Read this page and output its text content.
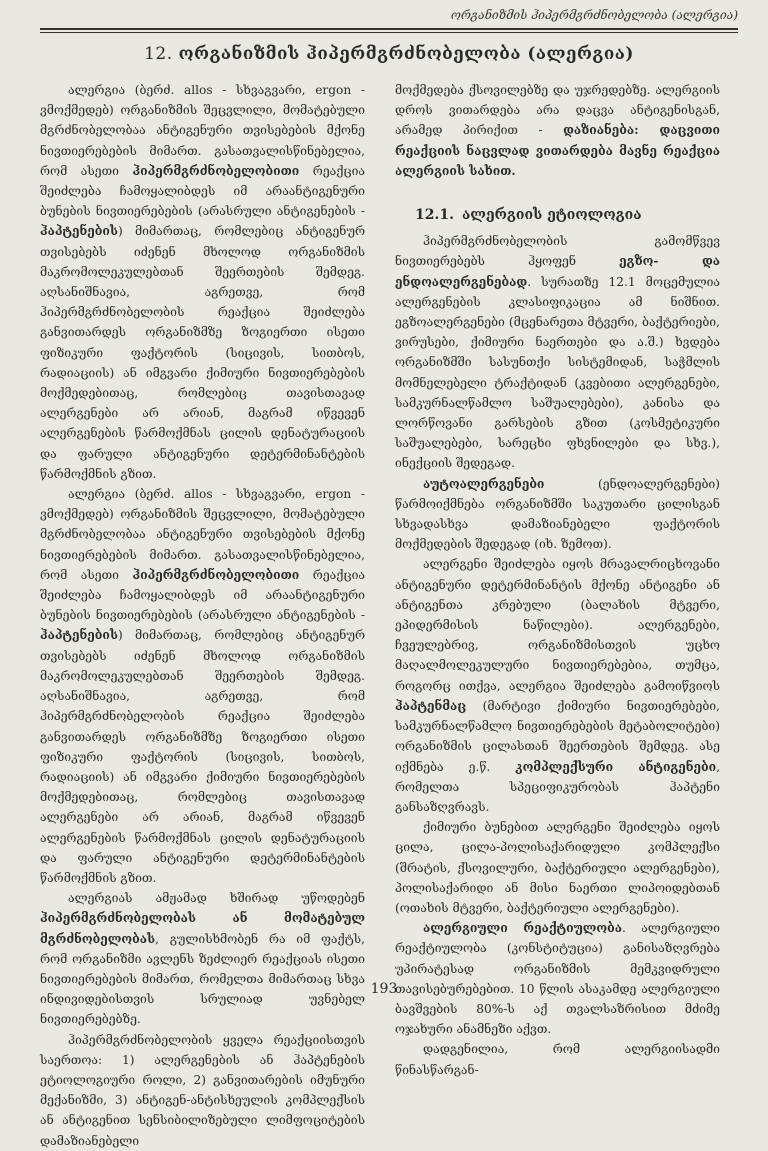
ორგანიზმის ჰიპერმგრძნობელობა (ალერგია)
12. ორგანიზმის ჰიპერმგრძნობელობა (ალერგია)

ალერგია (ბერძ. allos - სხვაგვარი, ergon - ვმოქმედებ) ორგანიზმის შეცვლილი, მომატებული მგრძნობელობაა ანტიგენური თვისებების მქონე ნივთიერებების მიმართ. გასათვალისწინებელია, რომ ასეთი ჰიპერმგრძნობელობითი რეაქცია შეიძლება ჩამოყალიბდეს იმ არაანტიგენური ბუნების ნივთიერებების (არასრული ანტიგენების - ჰაპტენების) მიმართაც, რომლებიც ანტიგენურ თვისებებს იძენენ მხოლოდ ორგანიზმის მაკრომოლეკულებთან შეერთების შემდეგ. აღსანიშნავია, აგრეთვე, რომ ჰიპერმგრძნობელობის რეაქცია შეიძლება განვითარდეს ორგანიზმზე ზოგიერთი ისეთი ფიზიკური ფაქტორის (სიცივის, სითბოს, რადიაციის) ან იმგვარი ქიმიური ნივთიერებების მოქმედებითაც, რომლებიც თავისთავად ალერგენები არ არიან, მაგრამ იწვევენ ალერგენების წარმოქმნას ცილის დენატურაციის და ფარული ანტიგენური დეტერმინანტების წარმოქმნის გზით.

ალერგია (ბერძ. allos - სხვაგვარი, ergon - ვმოქმედებ) ორგანიზმის შეცვლილი, მომატებული მგრძნობელობაა ანტიგენური თვისებების მქონე ნივთიერებების მიმართ. გასათვალისწინებელია, რომ ასეთი ჰიპერმგრძნობელობითი რეაქცია შეიძლება ჩამოყალიბდეს იმ არაანტიგენური ბუნების ნივთიერებების (არასრული ანტიგენების - ჰაპტენების) მიმართაც, რომლებიც ანტიგენურ თვისებებს იძენენ მხოლოდ ორგანიზმის მაკრომოლეკულებთან შეერთების შემდეგ. აღსანიშნავია, აგრეთვე, რომ ჰიპერმგრძნობელობის რეაქცია შეიძლება განვითარდეს ორგანიზმზე ზოგიერთი ისეთი ფიზიკური ფაქტორის (სიცივის, სითბოს, რადიაციის) ან იმგვარი ქიმიური ნივთიერებების მოქმედებითაც, რომლებიც თავისთავად ალერგენები არ არიან, მაგრამ იწვევენ ალერგენების წარმოქმნას ცილის დენატურაციის და ფარული ანტიგენური დეტერმინანტების წარმოქმნის გზით.

ალერგიას ამჟამად ხშირად უწოდებენ ჰიპერმგრძნობელობას ან მომატებულ მგრძნობელობას, გულისხმობენ რა იმ ფაქტს, რომ ორგანიზმი ავლენს ზეძლიერ რეაქციას ისეთი ნივთიერებების მიმართ, რომელთა მიმართაც სხვა ინდივიდებისთვის სრულიად უვნებელ ნივთიერებებზე.

ჰიპერმგრძნობელობის ყველა რეაქციისთვის საერთოა: 1) ალერგენების ან ჰაპტენების ეტიოლოგიური როლი, 2) განვითარების იმუნური მექანიზმი, 3) ანტიგენ-ანტისხეულის კომპლექსის ან ანტიგენით სენსიბილიზებული ლიმფოციტების დამაზიანებელი

მოქმედება ქსოვილებზე და უჯრედებზე. ალერგიის დროს ვითარდება არა დაცვა ანტიგენისგან, არამედ პირიქით - დაზიანება: დაცვითი რეაქციის ნაცვლად ვითარდება მავნე რეაქცია ალერგიის სახით.

12.1. ალერგიის ეტიოლოგია

ჰიპერმგრძნობელობის გამომწვევ ნივთიერებებს ჰყოფენ	ეგზო- და ენდოალერგენებად. სურათზე 12.1 მოცემულია ალერგენების კლასიფიკაცია ამ ნიშნით. ეგზოალერგენები (მცენარეთა მტვერი, ბაქტერიები, ვირუსები, ქიმიური ნაერთები და ა.შ.) ხვდება ორგანიზმში სასუნთქი სისტემიდან, საჭმლის მომნელებელი ტრაქტიდან (კვებითი ალერგენები, სამკურნალწამლო საშუალებები), კანისა და ლორწოვანი გარსების გზით (კოსმეტიკური საშუალებები, სარეცხი ფხვნილები და სხვ.), ინექციის შედეგად.

აუტოალერგენები	(ენდოალერგენები) წარმოიქმნება ორგანიზმში საკუთარი ცილისგან სხვადასხვა დამაზიანებელი ფაქტორის მოქმედების შედეგად (იხ. ზემოთ).

ალერგენი შეიძლება იყოს მრავალრიცხოვანი ანტიგენური დეტერმინანტის მქონე ანტიგენი ან ანტიგენთა კრებული (ბალახის მტვერი, ეპიდერმისის ნაწილები). ალერგენები, ჩვეულებრივ, ორგანიზმისთვის უცხო მაღალმოლეკულური ნივთიერებებია, თუმცა, როგორც ითქვა, ალერგია შეიძლება გამოიწვიოს ჰაპტენმაც (მარტივი ქიმიური ნივთიერებები, სამკურნალწამლო ნივთიერებების მეტაბოლიტები) ორგანიზმის ცილასთან შეერთების შემდეგ. ასე იქმნება ე.წ. კომპლექსური ანტიგენები, რომელთა სპეციფიკურობას ჰაპტენი განსაზღვრავს.

ქიმიური ბუნებით ალერგენი შეიძლება იყოს ცილა, ცილა-პოლისაქარიდული კომპლექსი (შრატის, ქსოვილური, ბაქტერიული ალერგენები), პოლისაქარიდი ან მისი ნაერთი ლიპოიდებთან (ოთახის მტვერი, ბაქტერიული ალერგენები).

ალერგიული რეაქტიულობა. ალერგიული რეაქტიულობა (კონსტიტუცია) განისაზღვრება უპირატესად ორგანიზმის მემკვიდრული თავისებურებებით. 10 წლის ასაკამდე ალერგიული ბავშვების 80%-ს აქ თვალსაზრისით მძიმე ოჯახური ანამნეზი აქვთ.

დადგენილია, რომ ალერგიისადმი წინასწარგან-

193
